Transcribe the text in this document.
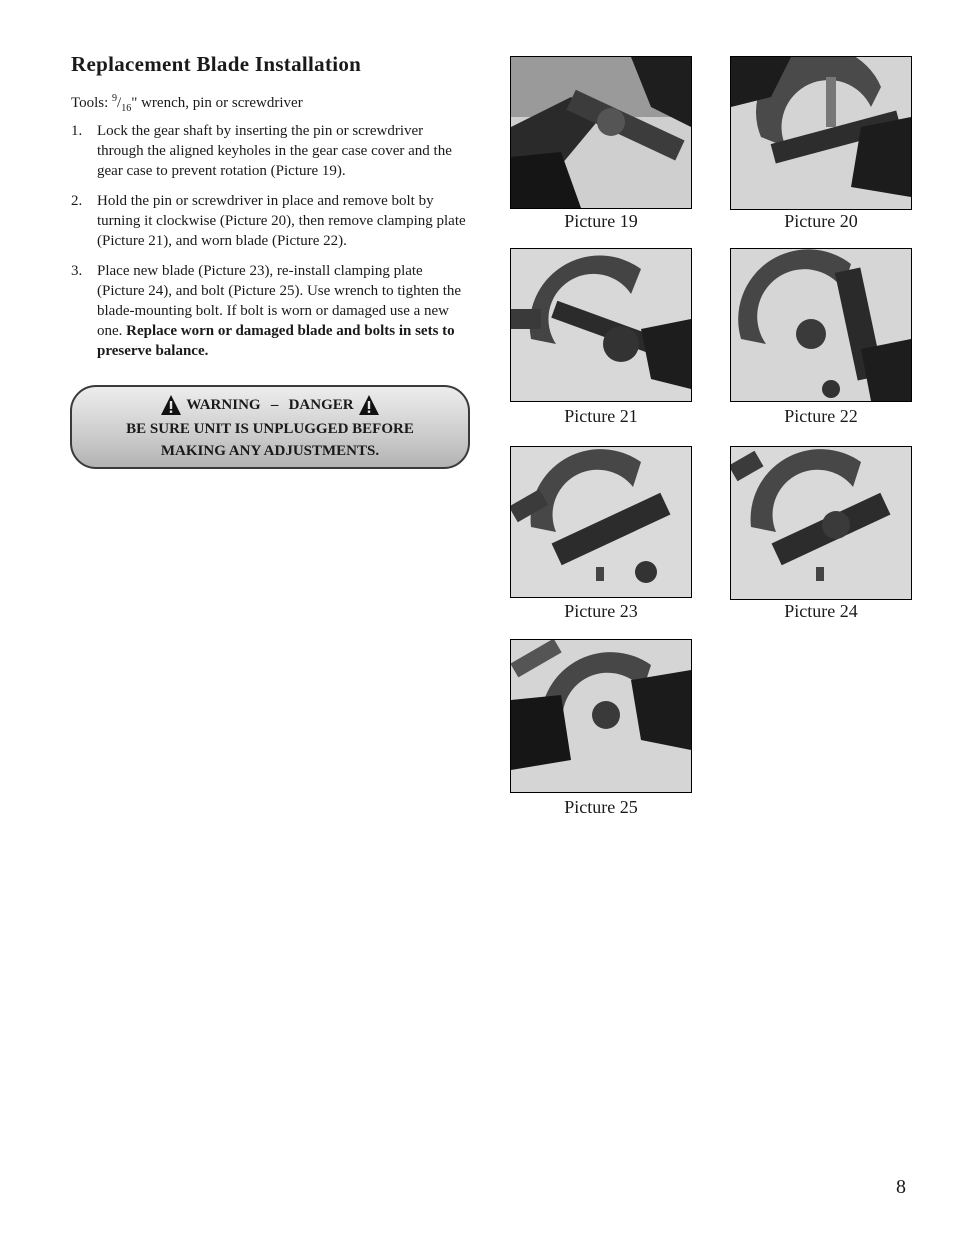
Replacement Blade Installation
Tools: $^9/_{16}$" wrench, pin or screwdriver
1. Lock the gear shaft by inserting the pin or screwdriver through the aligned keyholes in the gear case cover and the gear case to prevent rotation (Picture 19).
2. Hold the pin or screwdriver in place and remove bolt by turning it clockwise (Picture 20), then remove clamping plate (Picture 21), and worn blade (Picture 22).
3. Place new blade (Picture 23), re-install clamping plate (Picture 24), and bolt (Picture 25). Use wrench to tighten the blade-mounting bolt. If bolt is worn or damaged use a new one. Replace worn or damaged blade and bolts in sets to preserve balance.
WARNING – DANGER
BE SURE UNIT IS UNPLUGGED BEFORE
MAKING ANY ADJUSTMENTS.
Picture 19	Picture 20
Picture 21	Picture 22
Picture 23	Picture 24
Picture 25
8
